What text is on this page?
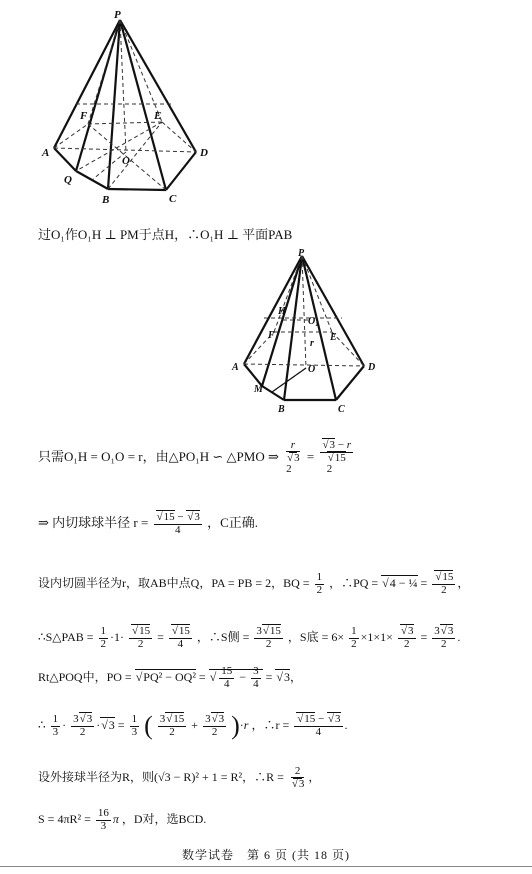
P
A
Q
B	C
D
E
F
O
过O₁作O₁H ⊥ PM于点H，∴O₁H ⊥ 平面PAB
P
H
O₁
r
F	E
A	O
M
B	C
D
只需O₁H = O₁O = r，由△PO₁H ∽ △PMO ⇒
r
√ 3
2
=
√ 3 − r
√ 15
2
⇒ 内切球球半径 r = √ $\frac{15 - √ 3}{4}$ ，C正确.
设内切圆半径为r，取AB中点Q，PA = PB = 2，BQ = $\frac{1}{2}$ ，∴PQ = √ 4 − ¼ = √ $\frac{15}{2}$ ，
∴S△PAB = $\frac{1}{2} \cdot 1\cdot$ √ $\frac{15}{2}$ = √ $\frac{15}{4}$ ，∴S侧 = $\frac{3 √ 15}{2}$ ，S底 = $6\times \frac{1}{2} \times 1\times 1\times$ √ $\frac{3}{2} = \frac{3 √ 3}{2}$ .
Rt△POQ中，PO = √ PQ² − OQ² = √ $\frac{15}{4} - \frac{3}{4}$ = √ 3，
∴ $\frac{1}{3} \cdot \frac{3 √ 3}{2}$ · √ $3 = \frac{1}{3}$ ( $\frac{3 √ 15}{2} + \frac{3 √ 3}{2} )\cdot r$ ，∴r = √ $\frac{15 - √ 3}{4}$ .
设外接球半径为R，则(√3 − R)² + 1 = R²，∴R = 2
√ 3 ，
$S = 4\pi R^2 = \frac{16}{3}$ π ，D对，选BCD.
数学试卷　第 6 页 (共 18 页)
